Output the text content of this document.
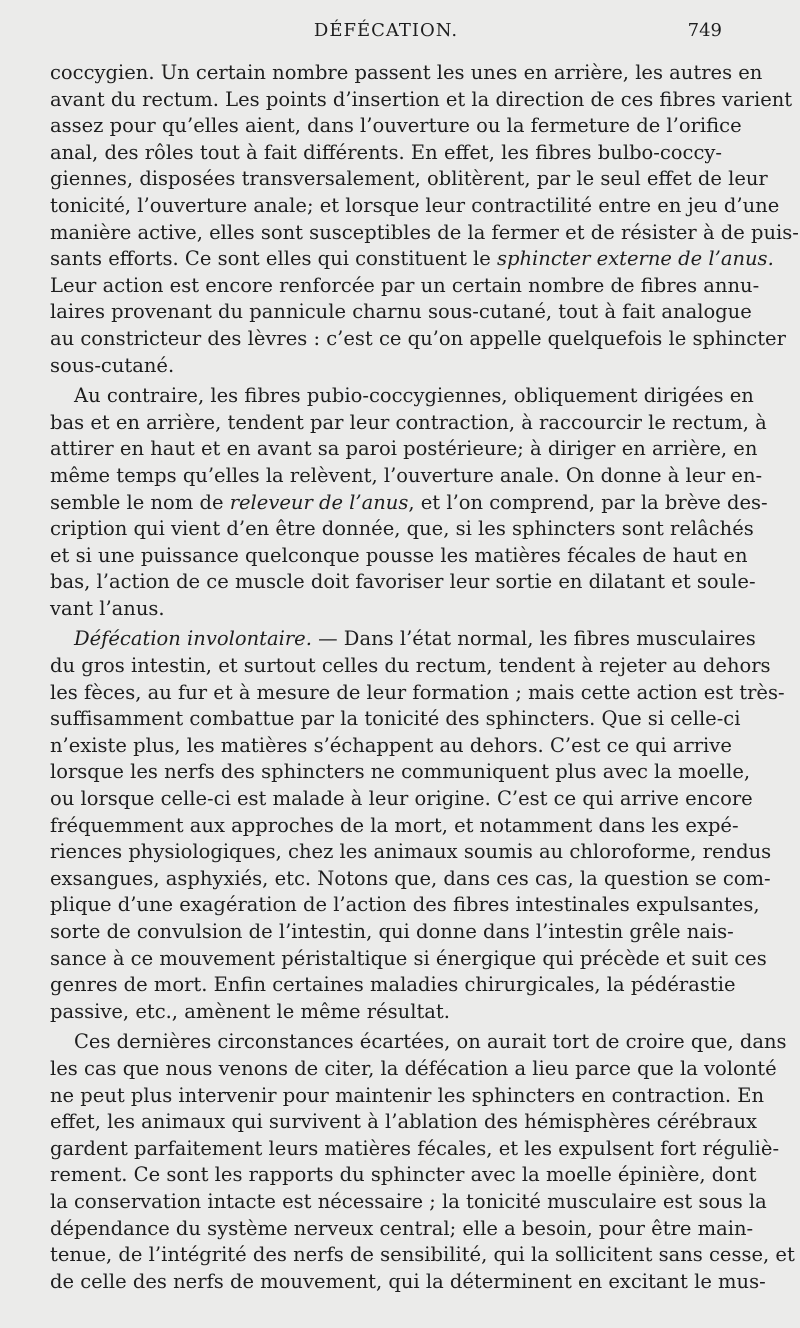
DÉFÉCATION.	749
coccygien. Un certain nombre passent les unes en arrière, les autres en
avant du rectum. Les points d’insertion et la direction de ces fibres varient
assez pour qu’elles aient, dans l’ouverture ou la fermeture de l’orifice
anal, des rôles tout à fait différents. En effet, les fibres bulbo-coccy-
giennes, disposées transversalement, oblitèrent, par le seul effet de leur
tonicité, l’ouverture anale; et lorsque leur contractilité entre en jeu d’une
manière active, elles sont susceptibles de la fermer et de résister à de puis-
sants efforts. Ce sont elles qui constituent le sphincter externe de l’anus.
Leur action est encore renforcée par un certain nombre de fibres annu-
laires provenant du pannicule charnu sous-cutané, tout à fait analogue
au constricteur des lèvres : c’est ce qu’on appelle quelquefois le sphincter
sous-cutané.
Au contraire, les fibres pubio-coccygiennes, obliquement dirigées en
bas et en arrière, tendent par leur contraction, à raccourcir le rectum, à
attirer en haut et en avant sa paroi postérieure; à diriger en arrière, en
même temps qu’elles la relèvent, l’ouverture anale. On donne à leur en-
semble le nom de releveur de l’anus, et l’on comprend, par la brève des-
cription qui vient d’en être donnée, que, si les sphincters sont relâchés
et si une puissance quelconque pousse les matières fécales de haut en
bas, l’action de ce muscle doit favoriser leur sortie en dilatant et soule-
vant l’anus.
Défécation involontaire. — Dans l’état normal, les fibres musculaires
du gros intestin, et surtout celles du rectum, tendent à rejeter au dehors
les fèces, au fur et à mesure de leur formation ; mais cette action est très-
suffisamment combattue par la tonicité des sphincters. Que si celle-ci
n’existe plus, les matières s’échappent au dehors. C’est ce qui arrive
lorsque les nerfs des sphincters ne communiquent plus avec la moelle,
ou lorsque celle-ci est malade à leur origine. C’est ce qui arrive encore
fréquemment aux approches de la mort, et notamment dans les expé-
riences physiologiques, chez les animaux soumis au chloroforme, rendus
exsangues, asphyxiés, etc. Notons que, dans ces cas, la question se com-
plique d’une exagération de l’action des fibres intestinales expulsantes,
sorte de convulsion de l’intestin, qui donne dans l’intestin grêle nais-
sance à ce mouvement péristaltique si énergique qui précède et suit ces
genres de mort. Enfin certaines maladies chirurgicales, la pédérastie
passive, etc., amènent le même résultat.
Ces dernières circonstances écartées, on aurait tort de croire que, dans
les cas que nous venons de citer, la défécation a lieu parce que la volonté
ne peut plus intervenir pour maintenir les sphincters en contraction. En
effet, les animaux qui survivent à l’ablation des hémisphères cérébraux
gardent parfaitement leurs matières fécales, et les expulsent fort réguliè-
rement. Ce sont les rapports du sphincter avec la moelle épinière, dont
la conservation intacte est nécessaire ; la tonicité musculaire est sous la
dépendance du système nerveux central; elle a besoin, pour être main-
tenue, de l’intégrité des nerfs de sensibilité, qui la sollicitent sans cesse, et
de celle des nerfs de mouvement, qui la déterminent en excitant le mus-
